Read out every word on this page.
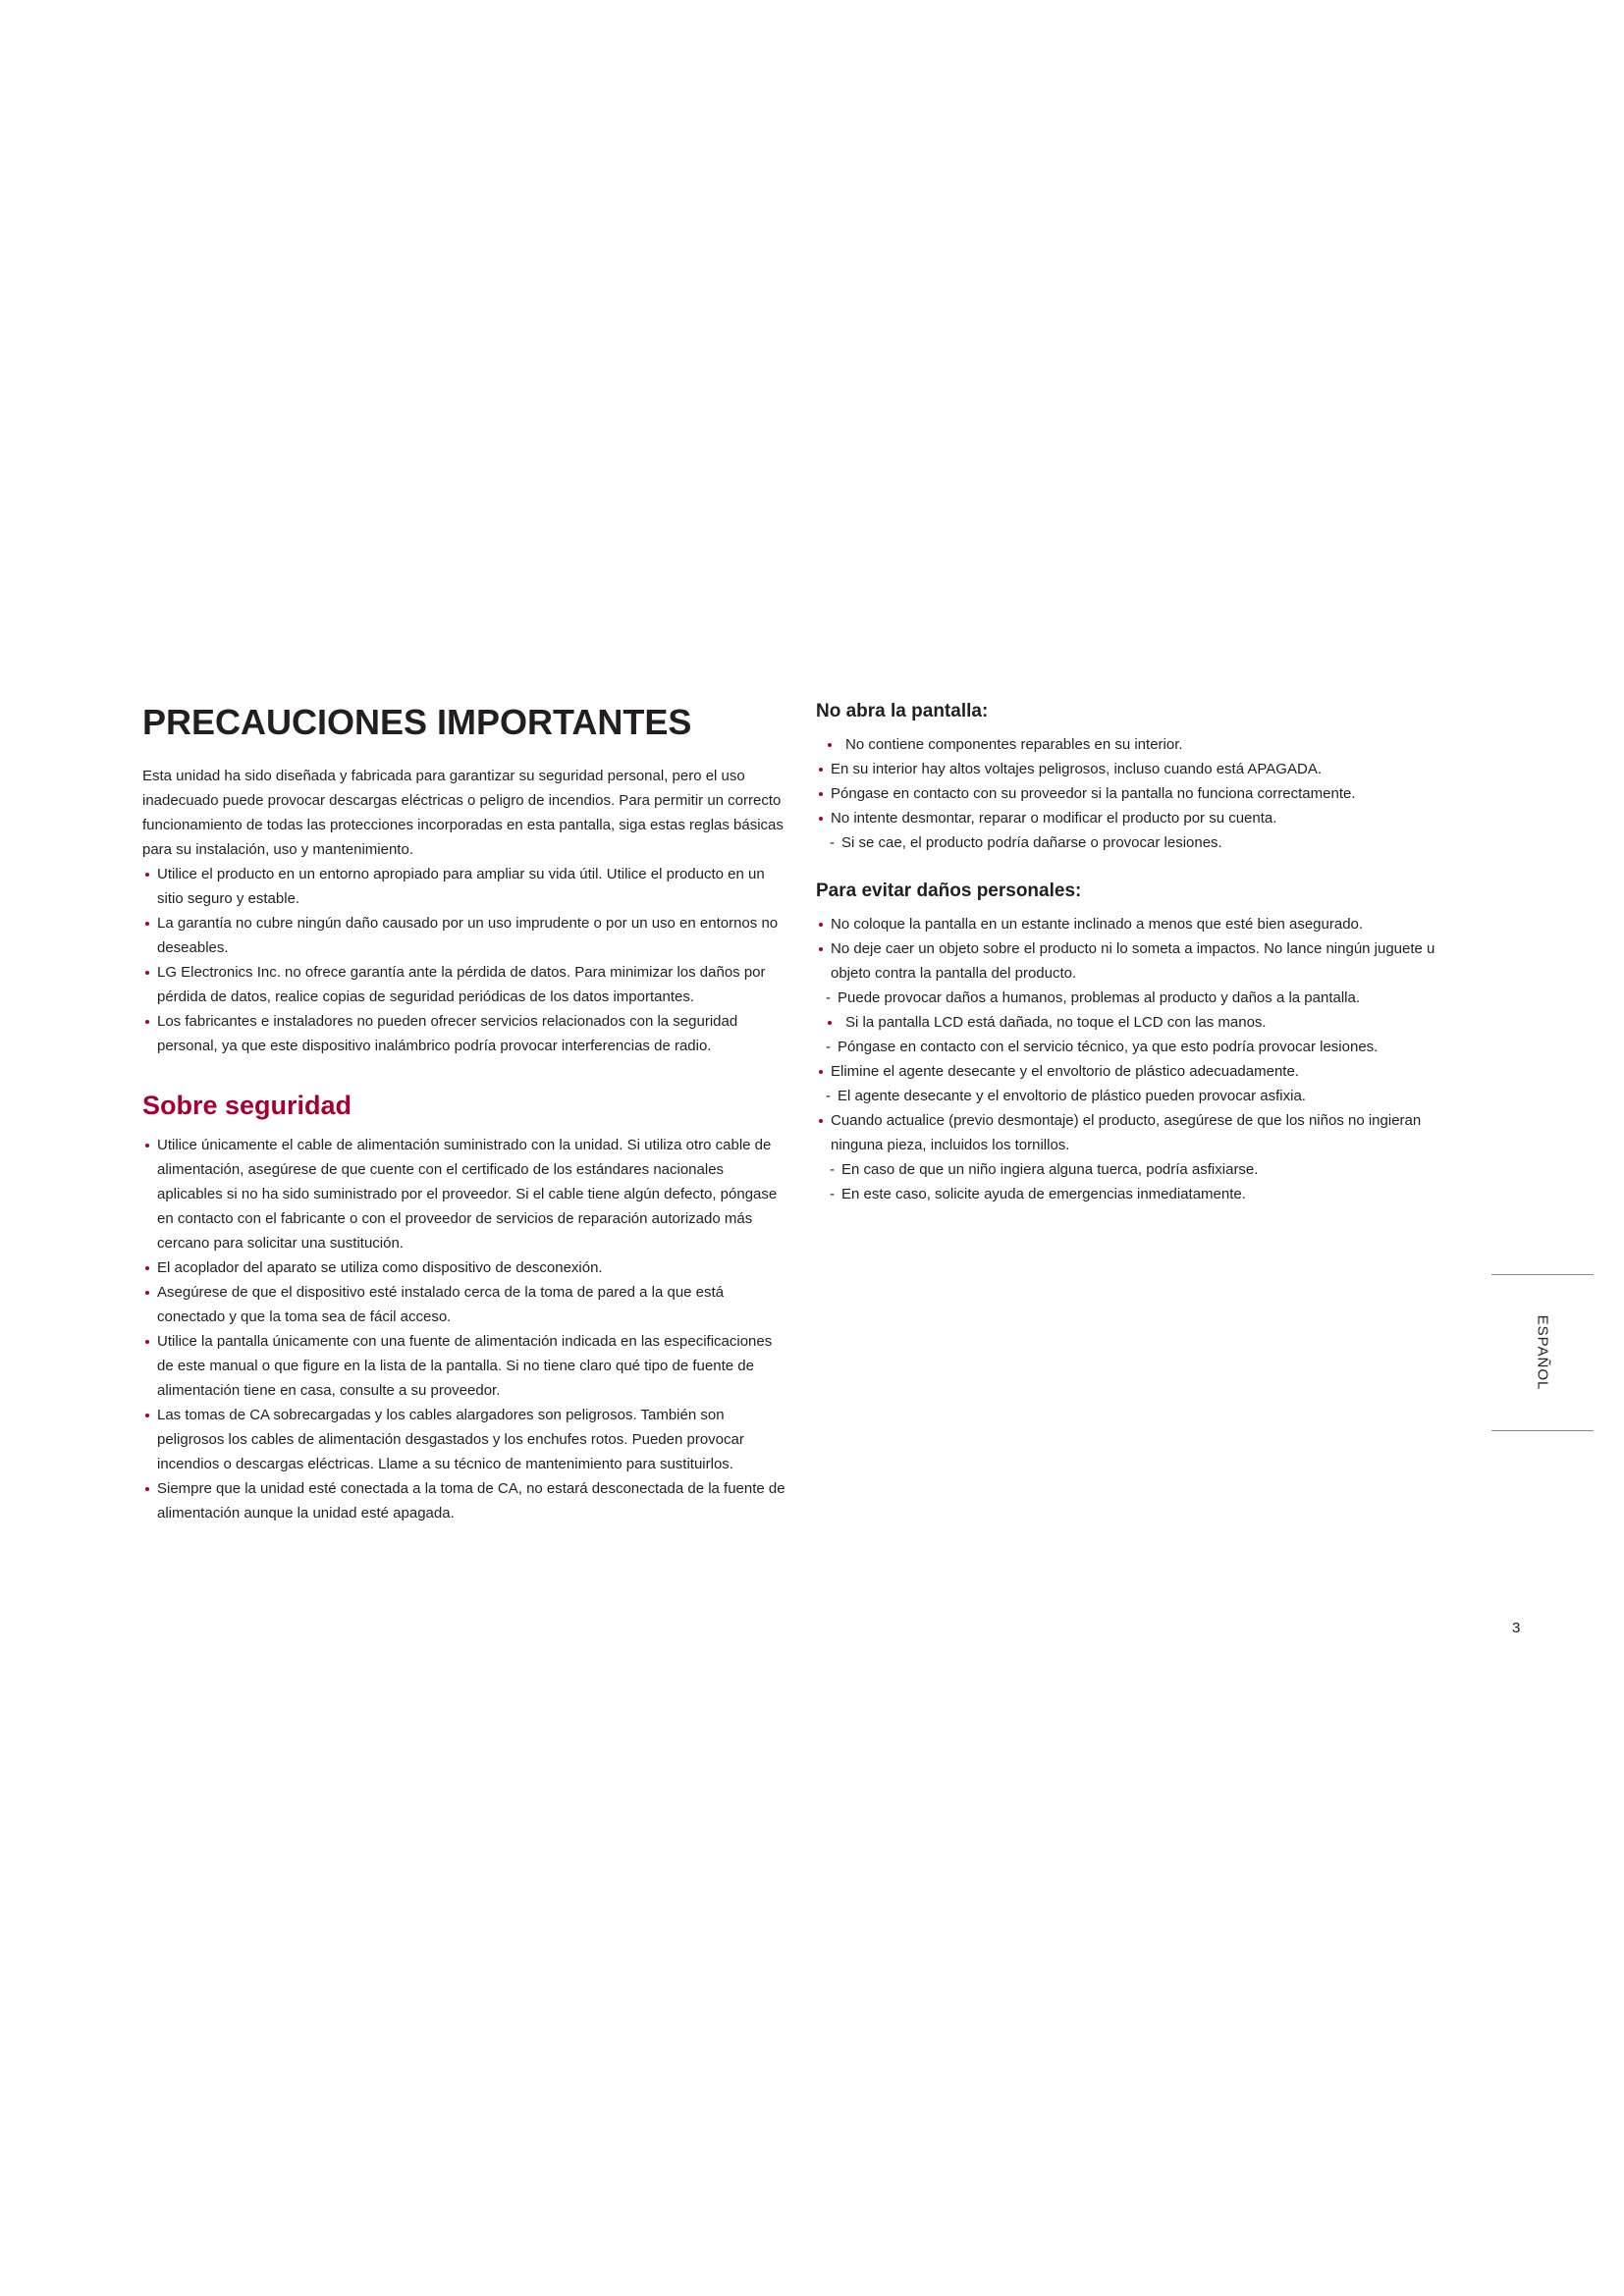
PRECAUCIONES IMPORTANTES

Esta unidad ha sido diseñada y fabricada para garantizar su seguridad personal, pero el uso inadecuado puede provocar descargas eléctricas o peligro de incendios. Para permitir un correcto funcionamiento de todas las protecciones incorporadas en esta pantalla, siga estas reglas básicas para su instalación, uso y mantenimiento.

Utilice el producto en un entorno apropiado para ampliar su vida útil. Utilice el producto en un sitio seguro y estable.
La garantía no cubre ningún daño causado por un uso imprudente o por un uso en entornos no deseables.
LG Electronics Inc. no ofrece garantía ante la pérdida de datos. Para minimizar los daños por pérdida de datos, realice copias de seguridad periódicas de los datos importantes.
Los fabricantes e instaladores no pueden ofrecer servicios relacionados con la seguridad personal, ya que este dispositivo inalámbrico podría provocar interferencias de radio.
Sobre seguridad
Utilice únicamente el cable de alimentación suministrado con la unidad. Si utiliza otro cable de alimentación, asegúrese de que cuente con el certificado de los estándares nacionales aplicables si no ha sido suministrado por el proveedor. Si el cable tiene algún defecto, póngase en contacto con el fabricante o con el proveedor de servicios de reparación autorizado más cercano para solicitar una sustitución.
El acoplador del aparato se utiliza como dispositivo de desconexión.
Asegúrese de que el dispositivo esté instalado cerca de la toma de pared a la que está conectado y que la toma sea de fácil acceso.
Utilice la pantalla únicamente con una fuente de alimentación indicada en las especificaciones de este manual o que figure en la lista de la pantalla. Si no tiene claro qué tipo de fuente de alimentación tiene en casa, consulte a su proveedor.
Las tomas de CA sobrecargadas y los cables alargadores son peligrosos. También son peligrosos los cables de alimentación desgastados y los enchufes rotos. Pueden provocar incendios o descargas eléctricas. Llame a su técnico de mantenimiento para sustituirlos.
Siempre que la unidad esté conectada a la toma de CA, no estará desconectada de la fuente de alimentación aunque la unidad esté apagada.
No abra la pantalla:
No contiene componentes reparables en su interior.
En su interior hay altos voltajes peligrosos, incluso cuando está APAGADA.
Póngase en contacto con su proveedor si la pantalla no funciona correctamente.
No intente desmontar, reparar o modificar el producto por su cuenta.
- Si se cae, el producto podría dañarse o provocar lesiones.
Para evitar daños personales:
No coloque la pantalla en un estante inclinado a menos que esté bien asegurado.
No deje caer un objeto sobre el producto ni lo someta a impactos. No lance ningún juguete u objeto contra la pantalla del producto.
- Puede provocar daños a humanos, problemas al producto y daños a la pantalla.
Si la pantalla LCD está dañada, no toque el LCD con las manos.
- Póngase en contacto con el servicio técnico, ya que esto podría provocar lesiones.
Elimine el agente desecante y el envoltorio de plástico adecuadamente.
- El agente desecante y el envoltorio de plástico pueden provocar asfixia.
Cuando actualice (previo desmontaje) el producto, asegúrese de que los niños no ingieran ninguna pieza, incluidos los tornillos.
- En caso de que un niño ingiera alguna tuerca, podría asfixiarse.
- En este caso, solicite ayuda de emergencias inmediatamente.
ESPAÑOL
3
